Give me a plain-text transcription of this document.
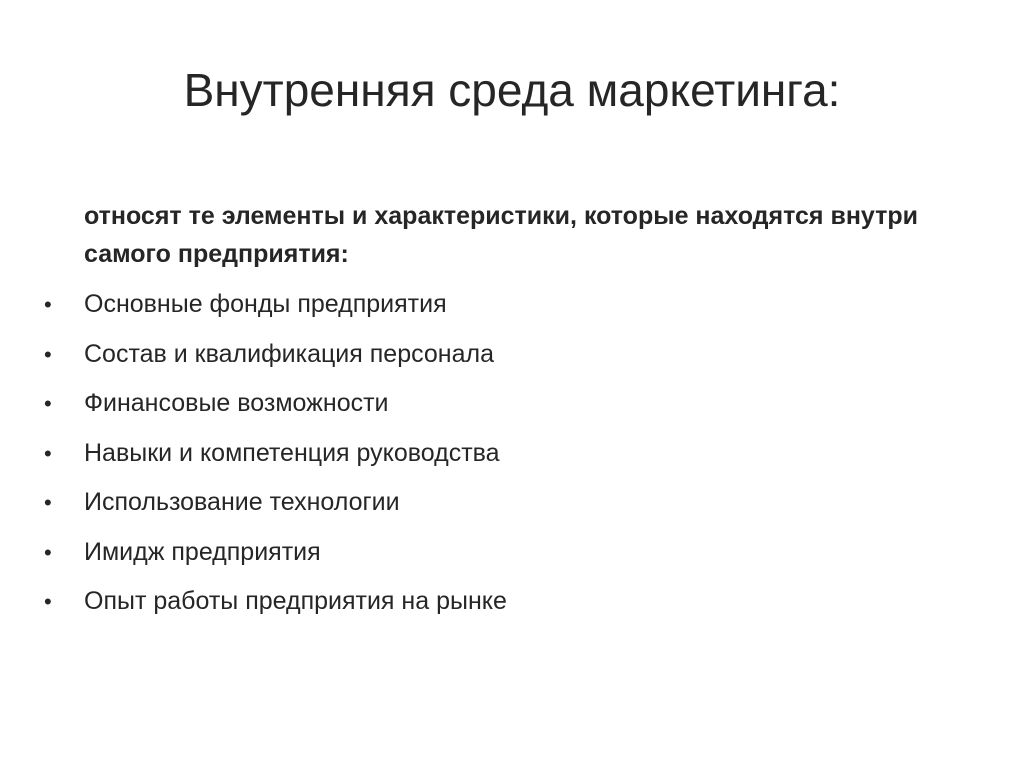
Внутренняя среда маркетинга:

относят те элементы и характеристики, которые находятся внутри самого предприятия:

• Основные фонды предприятия
• Состав и квалификация персонала
• Финансовые возможности
• Навыки и компетенция руководства
• Использование технологии
• Имидж предприятия
• Опыт работы предприятия на рынке
